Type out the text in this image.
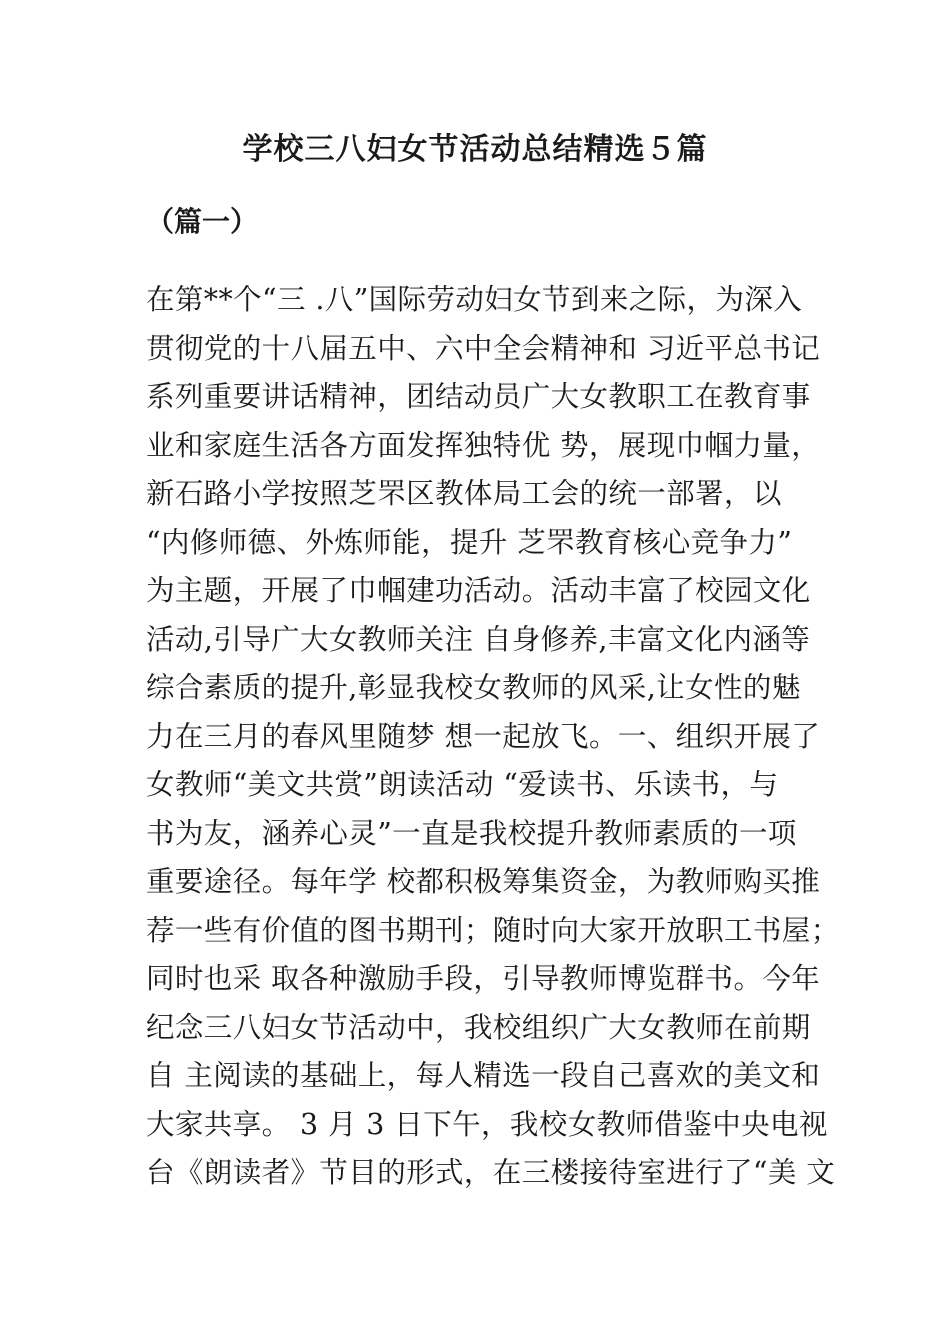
学校三八妇女节活动总结精选５篇
（篇一）
在第**个“三 .八”国际劳动妇女节到来之际，为深入
贯彻党的十八届五中、六中全会精神和 习近平总书记
系列重要讲话精神，团结动员广大女教职工在教育事
业和家庭生活各方面发挥独特优 势，展现巾帼力量，
新石路小学按照芝罘区教体局工会的统一部署，以
“内修师德、外炼师能，提升 芝罘教育核心竞争力”
为主题，开展了巾帼建功活动。活动丰富了校园文化
活动,引导广大女教师关注 自身修养,丰富文化内涵等
综合素质的提升,彰显我校女教师的风采,让女性的魅
力在三月的春风里随梦 想一起放飞。一、组织开展了
女教师“美文共赏”朗读活动 “爱读书、乐读书，与
书为友，涵养心灵”一直是我校提升教师素质的一项
重要途径。每年学 校都积极筹集资金，为教师购买推
荐一些有价值的图书期刊；随时向大家开放职工书屋；
同时也采 取各种激励手段，引导教师博览群书。今年
纪念三八妇女节活动中，我校组织广大女教师在前期
自 主阅读的基础上，每人精选一段自己喜欢的美文和
大家共享。 3 月 3 日下午，我校女教师借鉴中央电视
台《朗读者》节目的形式，在三楼接待室进行了“美 文
